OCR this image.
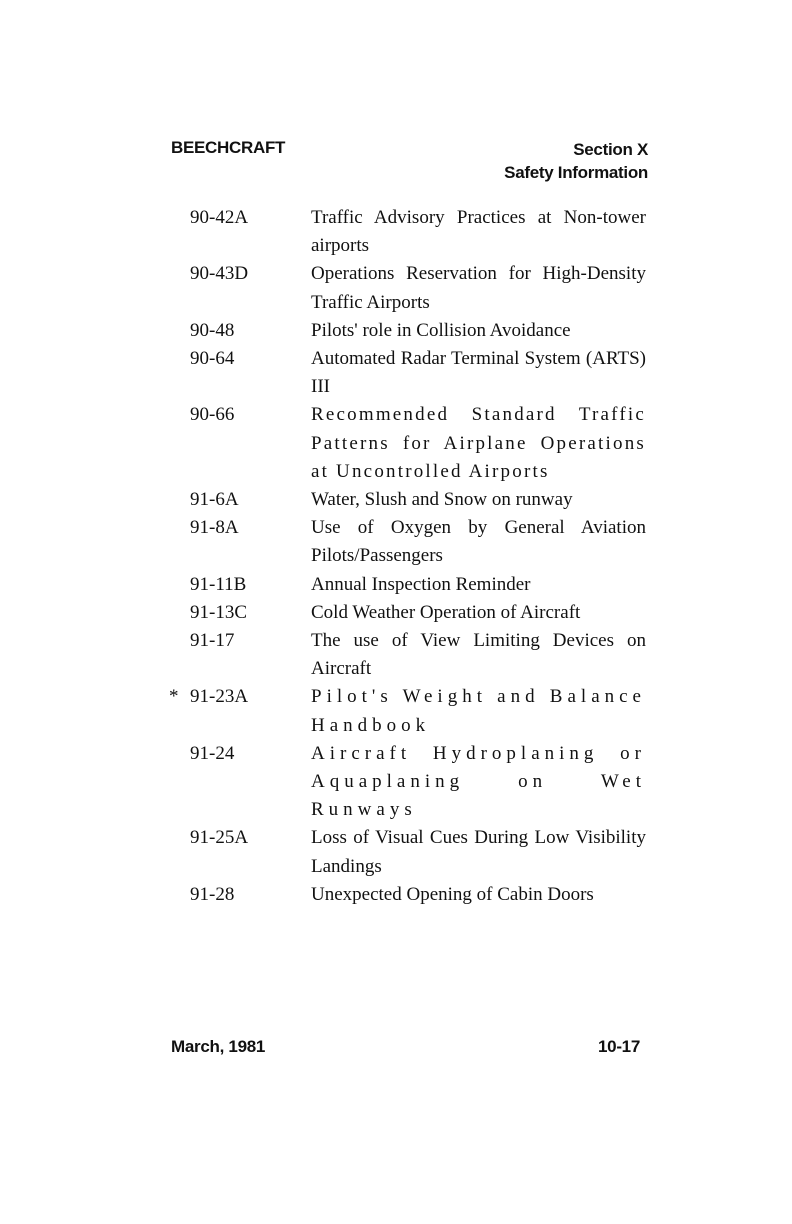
BEECHCRAFT	Section X
Safety Information
90-42A	Traffic Advisory Practices at Non-tower airports
90-43D	Operations Reservation for High-Density Traffic Airports
90-48	Pilots' role in Collision Avoidance
90-64	Automated Radar Terminal System (ARTS) III
90-66	Recommended Standard Traffic Patterns for Airplane Operations at Uncontrolled Airports
91-6A	Water, Slush and Snow on runway
91-8A	Use of Oxygen by General Aviation Pilots/Passengers
91-11B	Annual Inspection Reminder
91-13C	Cold Weather Operation of Aircraft
91-17	The use of View Limiting Devices on Aircraft
* 91-23A	Pilot's Weight and Balance Handbook
91-24	Aircraft Hydroplaning or Aquaplaning on Wet Runways
91-25A	Loss of Visual Cues During Low Visibility Landings
91-28	Unexpected Opening of Cabin Doors
March, 1981	10-17
